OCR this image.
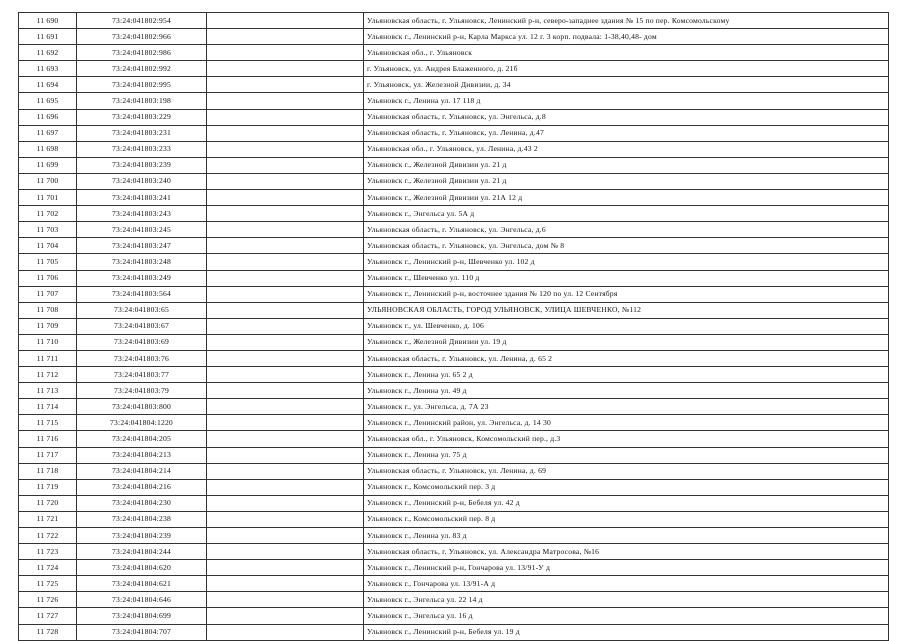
11 690	73:24:041802:954		Ульяновская область, г. Ульяновск, Ленинский р-н, северо-западнее здания № 15 по пер. Комсомольскому
11 691	73:24:041802:966		Ульяновск г., Ленинский р-н, Карла Маркса ул. 12 г. 3 корп. подвала: 1-38,40,48- дом
11 692	73:24:041802:986		Ульяновская обл., г. Ульяновск
11 693	73:24:041802:992		г. Ульяновск, ул. Андрея Блаженного, д. 21б
11 694	73:24:041802:995		г. Ульяновск, ул. Железной Дивизии, д. 34
11 695	73:24:041803:198		Ульяновск г., Ленина ул. 17 118 д
11 696	73:24:041803:229		Ульяновская область, г. Ульяновск, ул. Энгельса, д.8
11 697	73:24:041803:231		Ульяновская область, г. Ульяновск, ул. Ленина, д.47
11 698	73:24:041803:233		Ульяновская обл., г. Ульяновск, ул. Ленина, д.43 2
11 699	73:24:041803:239		Ульяновск г., Железной Дивизии ул. 21 д
11 700	73:24:041803:240		Ульяновск г., Железной Дивизии ул. 21 д
11 701	73:24:041803:241		Ульяновск г., Железной Дивизии ул. 21А 12 д
11 702	73:24:041803:243		Ульяновск г., Энгельса ул. 5А д
11 703	73:24:041803:245		Ульяновская область, г. Ульяновск, ул. Энгельса, д.6
11 704	73:24:041803:247		Ульяновская область, г. Ульяновск, ул. Энгельса, дом № 8
11 705	73:24:041803:248		Ульяновск г., Ленинский р-н, Шевченко ул. 102 д
11 706	73:24:041803:249		Ульяновск г., Шевченко ул. 110 д
11 707	73:24:041803:564		Ульяновск г., Ленинский р-н, восточнее здания № 120 по ул. 12 Сентября
11 708	73:24:041803:65		УЛЬЯНОВСКАЯ ОБЛАСТЬ, ГОРОД УЛЬЯНОВСК, УЛИЦА ШЕВЧЕНКО, №112
11 709	73:24:041803:67		Ульяновск г., ул. Шевченко, д. 106
11 710	73:24:041803:69		Ульяновск г., Железной Дивизии ул. 19 д
11 711	73:24:041803:76		Ульяновская область, г. Ульяновск, ул. Ленина, д. 65 2
11 712	73:24:041803:77		Ульяновск г., Ленина ул. 65 2 д
11 713	73:24:041803:79		Ульяновск г., Ленина ул. 49 д
11 714	73:24:041803:800		Ульяновск г., ул. Энгельса, д. 7А 23
11 715	73:24:041804:1220		Ульяновск г., Ленинский район, ул. Энгельса, д. 14 30
11 716	73:24:041804:205		Ульяновская обл., г. Ульяновск, Комсомольский пер., д.3
11 717	73:24:041804:213		Ульяновск г., Ленина ул. 75 д
11 718	73:24:041804:214		Ульяновская область, г. Ульяновск, ул. Ленина, д. 69
11 719	73:24:041804:216		Ульяновск г., Комсомольский пер. 3 д
11 720	73:24:041804:230		Ульяновск г., Ленинский р-н, Бебеля ул. 42 д
11 721	73:24:041804:238		Ульяновск г., Комсомольский пер. 8 д
11 722	73:24:041804:239		Ульяновск г., Ленина ул. 83 д
11 723	73:24:041804:244		Ульяновская область, г. Ульяновск, ул. Александра Матросова, №16
11 724	73:24:041804:620		Ульяновск г., Ленинский р-н, Гончарова ул. 13/91-У д
11 725	73:24:041804:621		Ульяновск г., Гончарова ул. 13/91-А д
11 726	73:24:041804:646		Ульяновск г., Энгельса ул. 22 14 д
11 727	73:24:041804:699		Ульяновск г., Энгельса ул. 16 д
11 728	73:24:041804:707		Ульяновск г., Ленинский р-н, Бебеля ул. 19 д
